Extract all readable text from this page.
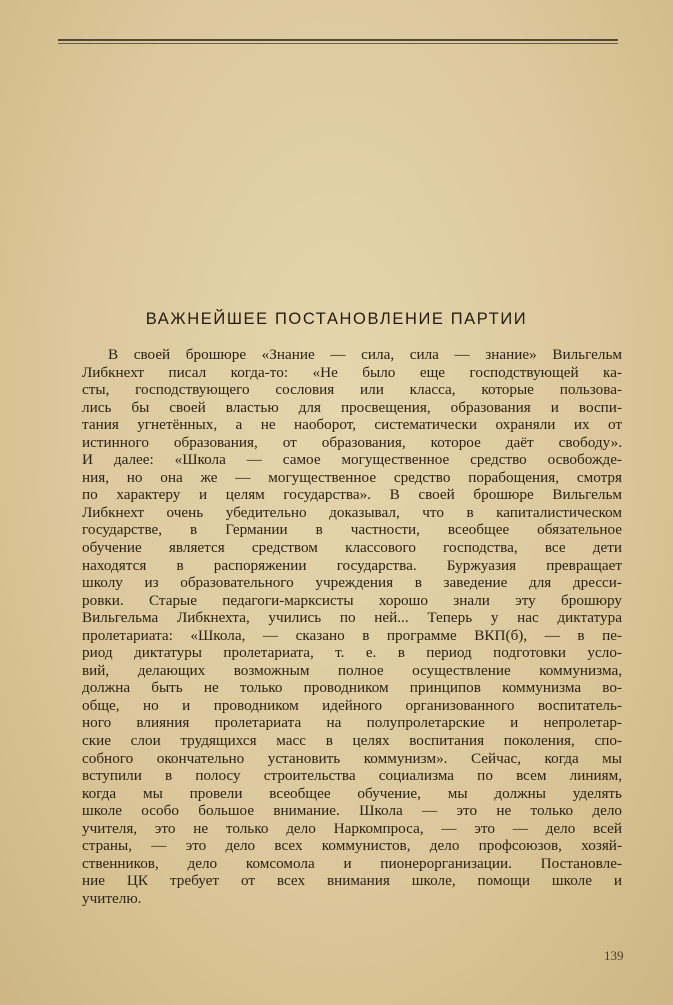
ВАЖНЕЙШЕЕ ПОСТАНОВЛЕНИЕ ПАРТИИ
В своей брошюре «Знание — сила, сила — знание» Вильгельм
Либкнехт писал когда-то: «Не было еще господствующей ка-
сты, господствующего сословия или класса, которые пользова-
лись бы своей властью для просвещения, образования и воспи-
тания угнетённых, а не наоборот, систематически охраняли их от
истинного образования, от образования, которое даёт свободу».
И далее: «Школа — самое могущественное средство освобожде-
ния, но она же — могущественное средство порабощения, смотря
по характеру и целям государства». В своей брошюре Вильгельм
Либкнехт очень убедительно доказывал, что в капиталистическом
государстве, в Германии в частности, всеобщее обязательное
обучение является средством классового господства, все дети
находятся в распоряжении государства. Буржуазия превращает
школу из образовательного учреждения в заведение для дресси-
ровки. Старые педагоги-марксисты хорошо знали эту брошюру
Вильгельма Либкнехта, учились по ней... Теперь у нас диктатура
пролетариата: «Школа, — сказано в программе ВКП(б), — в пе-
риод диктатуры пролетариата, т. е. в период подготовки усло-
вий, делающих возможным полное осуществление коммунизма,
должна быть не только проводником принципов коммунизма во-
обще, но и проводником идейного организованного воспитатель-
ного влияния пролетариата на полупролетарские и непролетар-
ские слои трудящихся масс в целях воспитания поколения, спо-
собного окончательно установить коммунизм». Сейчас, когда мы
вступили в полосу строительства социализма по всем линиям,
когда мы провели всеобщее обучение, мы должны уделять
школе особо большое внимание. Школа — это не только дело
учителя, это не только дело Наркомпроса, — это — дело всей
страны, — это дело всех коммунистов, дело профсоюзов, хозяй-
ственников, дело комсомола и пионерорганизации. Постановле-
ние ЦК требует от всех внимания школе, помощи школе и
учителю.
139
